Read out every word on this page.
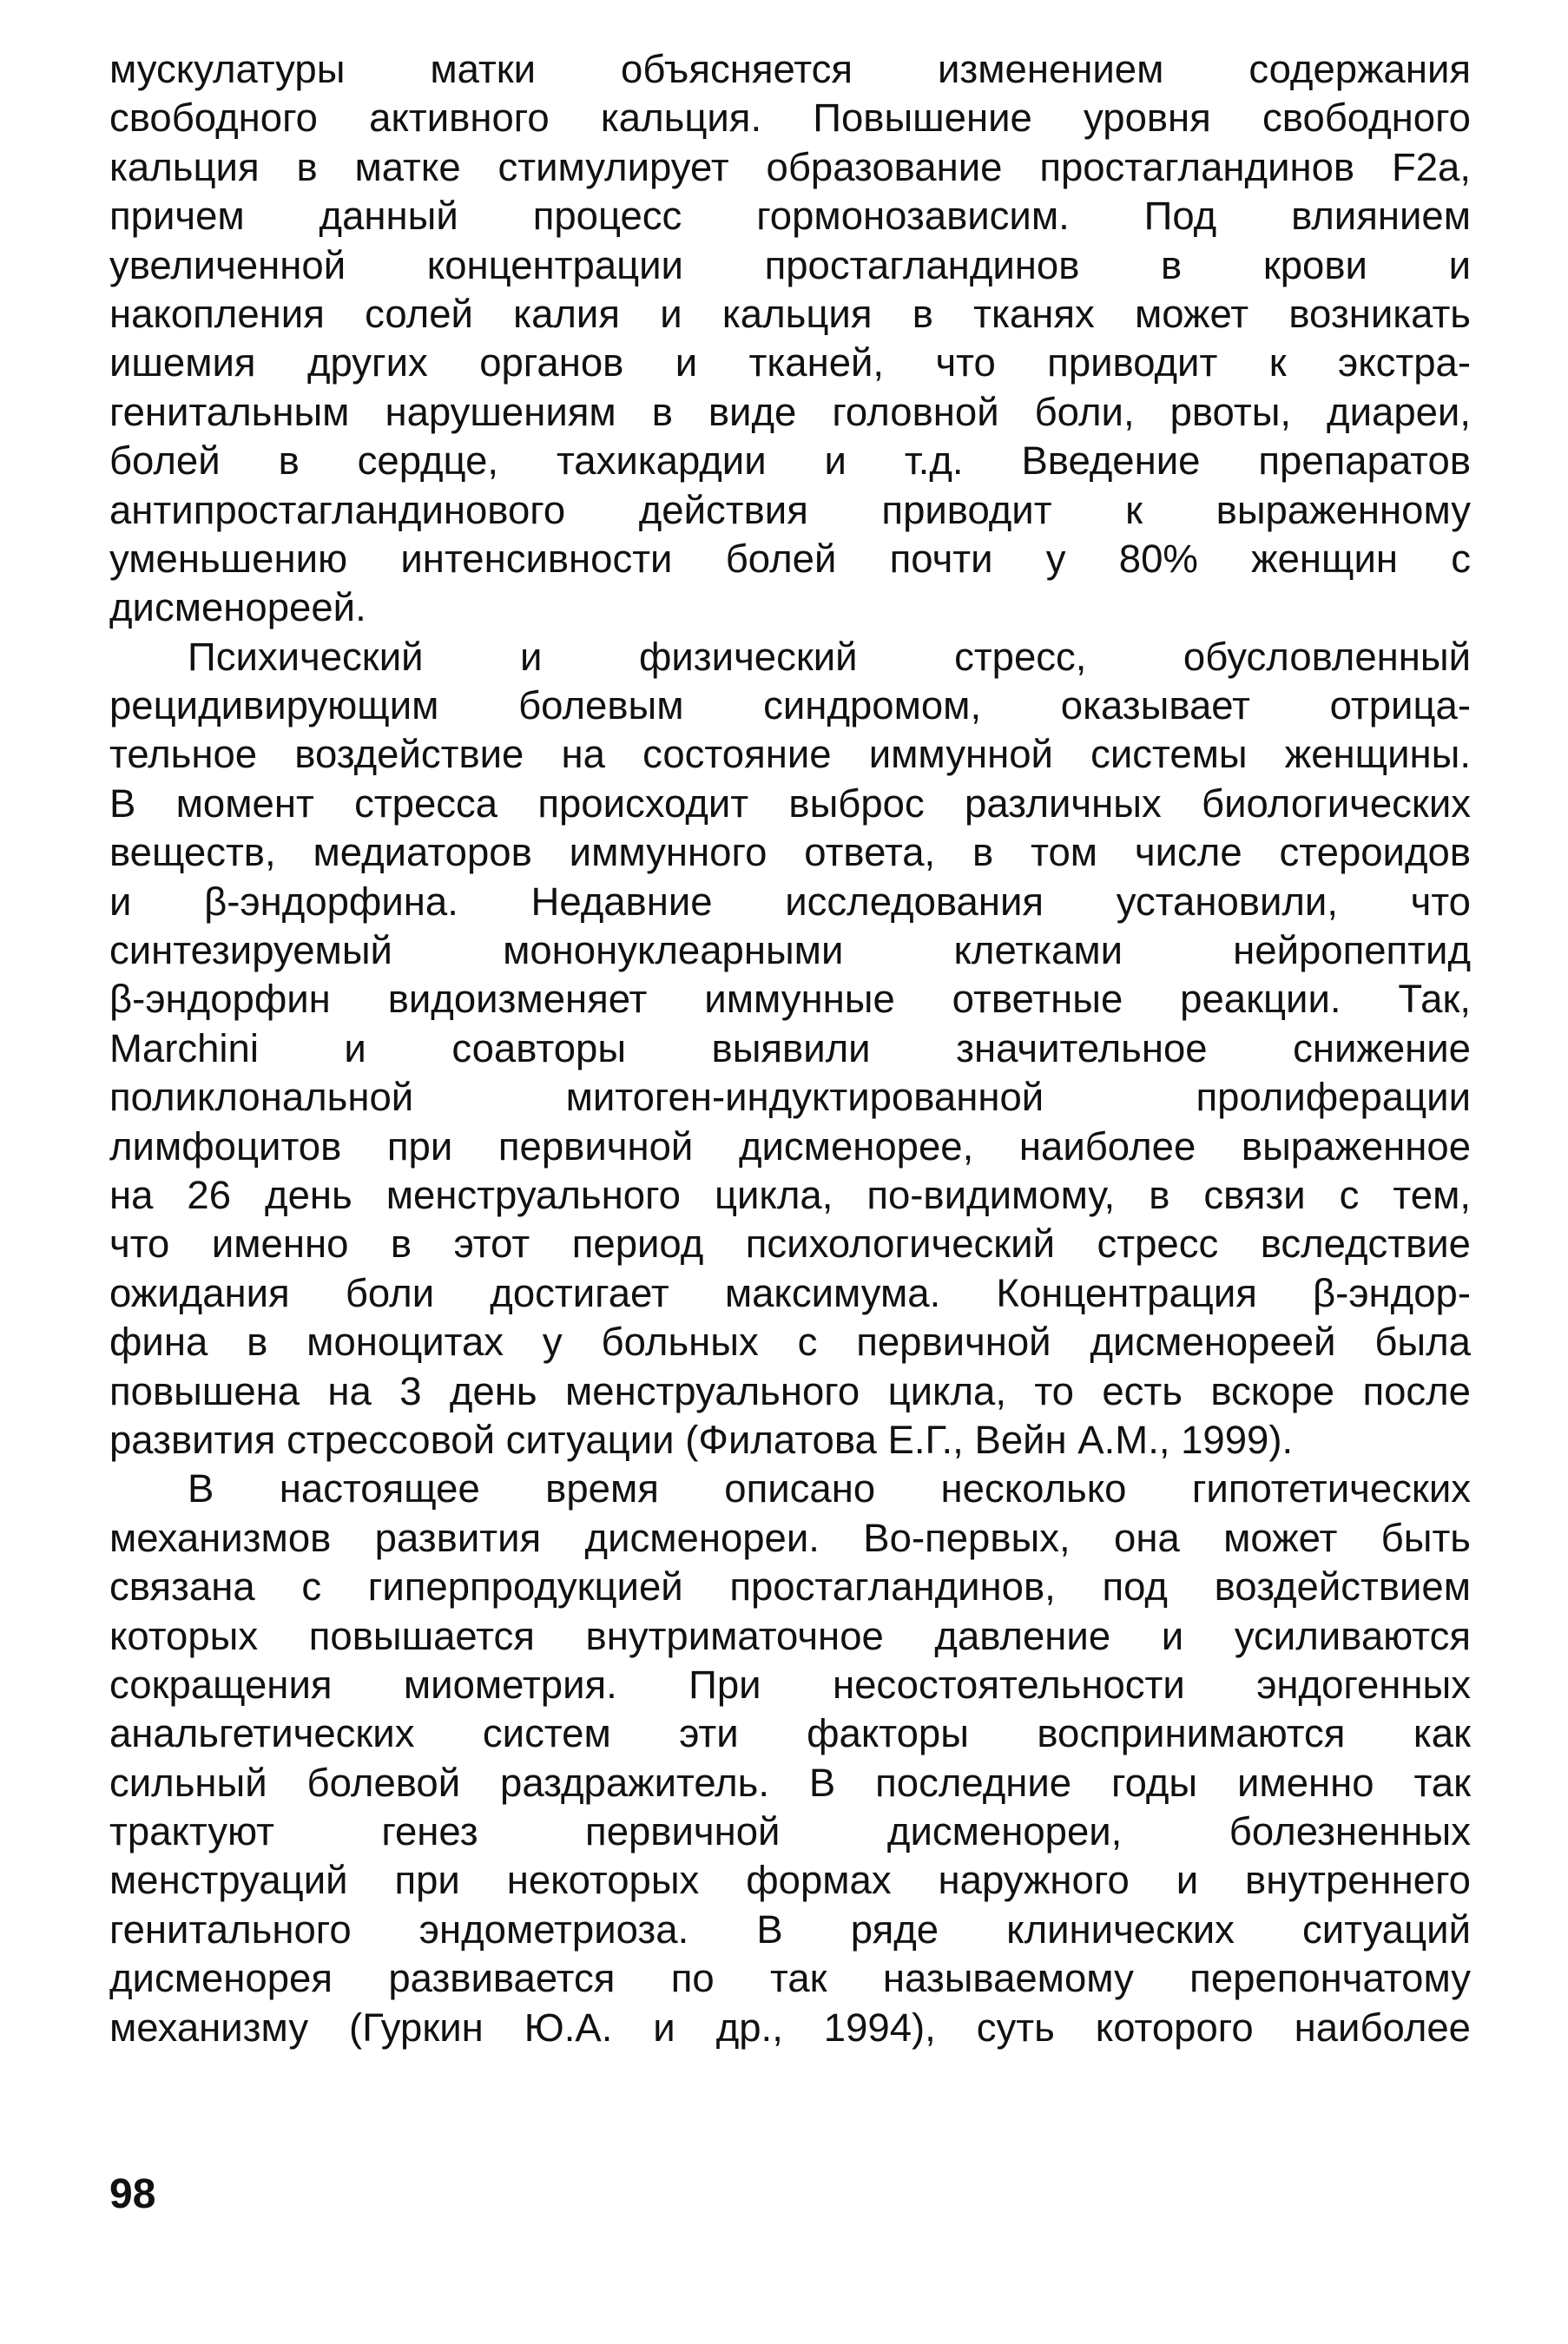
мускулатуры матки объясняется изменением содержания
свободного активного кальция. Повышение уровня свободного
кальция в матке стимулирует образование простагландинов F2a,
причем данный процесс гормонозависим. Под влиянием
увеличенной концентрации простагландинов в крови и
накопления солей калия и кальция в тканях может возникать
ишемия других органов и тканей, что приводит к экстра-
генитальным нарушениям в виде головной боли, рвоты, диареи,
болей в сердце, тахикардии и т.д. Введение препаратов
антипростагландинового действия приводит к выраженному
уменьшению интенсивности болей почти у 80% женщин с
дисменореей.
Психический и физический стресс, обусловленный
рецидивирующим болевым синдромом, оказывает отрица-
тельное воздействие на состояние иммунной системы женщины.
В момент стресса происходит выброс различных биологических
веществ, медиаторов иммунного ответа, в том числе стероидов
и β-эндорфина. Недавние исследования установили, что
синтезируемый мононуклеарными клетками нейропептид
β-эндорфин видоизменяет иммунные ответные реакции. Так,
Marchini и соавторы выявили значительное снижение
поликлональной митоген-индуктированной пролиферации
лимфоцитов при первичной дисменорее, наиболее выраженное
на 26 день менструального цикла, по-видимому, в связи с тем,
что именно в этот период психологический стресс вследствие
ожидания боли достигает максимума. Концентрация β-эндор-
фина в моноцитах у больных с первичной дисменореей была
повышена на 3 день менструального цикла, то есть вскоре после
развития стрессовой ситуации (Филатова Е.Г., Вейн А.М., 1999).
В настоящее время описано несколько гипотетических
механизмов развития дисменореи. Во-первых, она может быть
связана с гиперпродукцией простагландинов, под воздействием
которых повышается внутриматочное давление и усиливаются
сокращения миометрия. При несостоятельности эндогенных
анальгетических систем эти факторы воспринимаются как
сильный болевой раздражитель. В последние годы именно так
трактуют генез первичной дисменореи, болезненных
менструаций при некоторых формах наружного и внутреннего
генитального эндометриоза. В ряде клинических ситуаций
дисменорея развивается по так называемому перепончатому
механизму (Гуркин Ю.А. и др., 1994), суть которого наиболее
98
